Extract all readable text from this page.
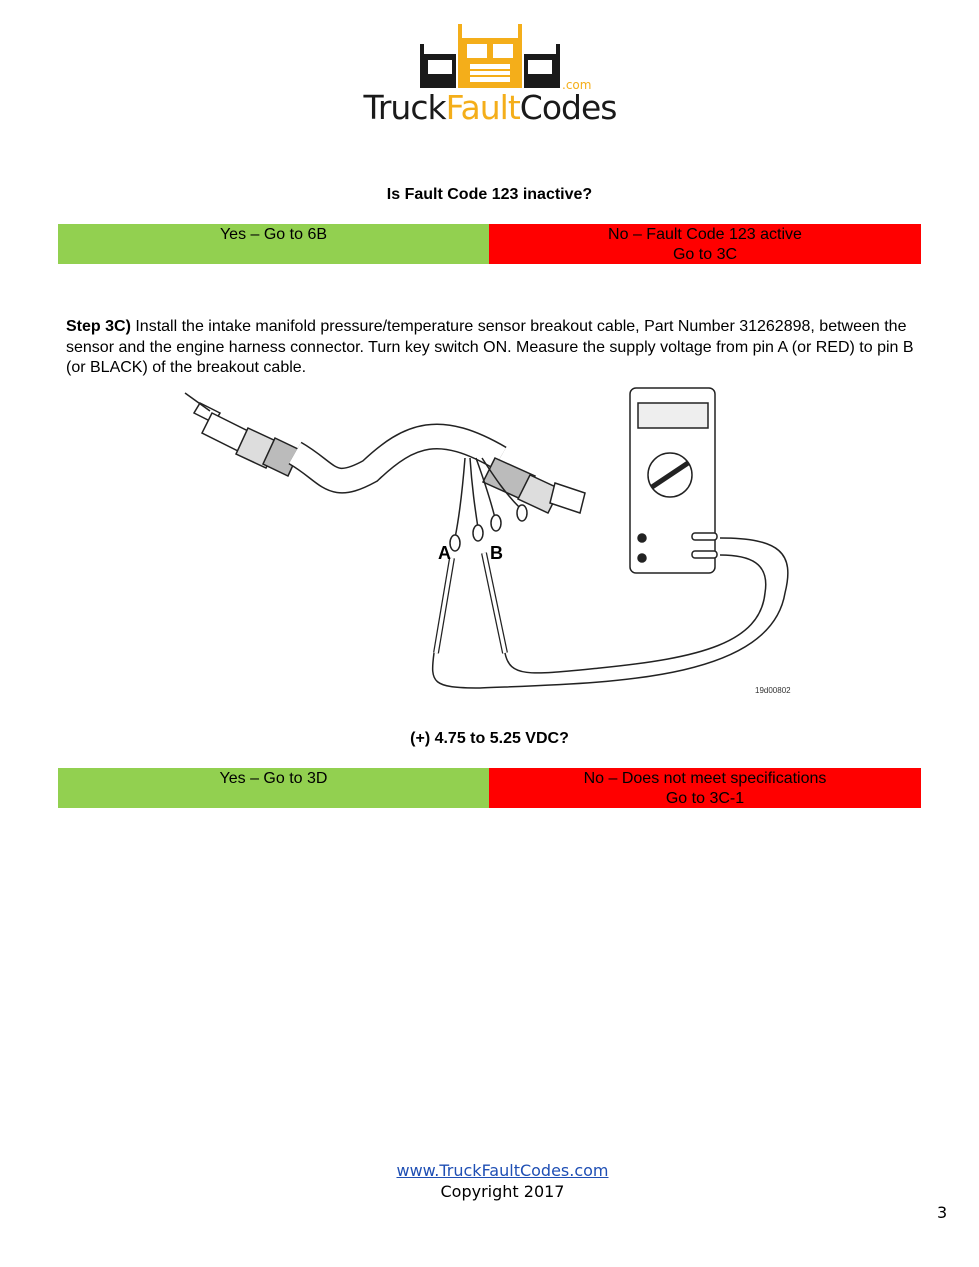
TruckFaultCodes
.com
Is Fault Code 123 inactive?
Yes – Go to 6B	No – Fault Code 123 active
Go to 3C
Step 3C) Install the intake manifold pressure/temperature sensor breakout cable, Part Number 31262898, between the sensor and the engine harness connector. Turn key switch ON. Measure the supply voltage from pin A (or RED) to pin B (or BLACK) of the breakout cable.
A B
19d00802
(+) 4.75 to 5.25 VDC?
Yes – Go to 3D	No – Does not meet specifications
Go to 3C-1
www.TruckFaultCodes.com
Copyright 2017
3
